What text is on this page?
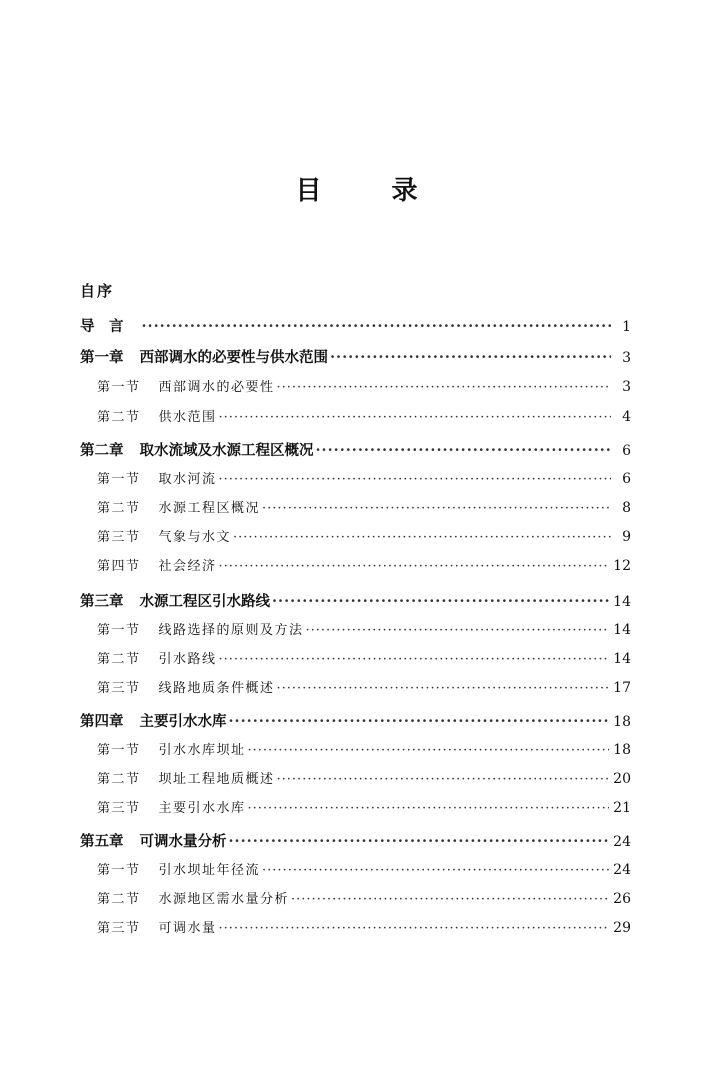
目	录
自序
导　言 ·····	1
第一章 西部调水的必要性与供水范围 ·····	3
第一节 西部调水的必要性 ·····	3
第二节 供水范围 ·····	4
第二章 取水流域及水源工程区概况 ·····	6
第一节 取水河流 ·····	6
第二节 水源工程区概况 ·····	8
第三节 气象与水文 ·····	9
第四节 社会经济 ·····	12
第三章 水源工程区引水路线 ·····	14
第一节 线路选择的原则及方法 ·····	14
第二节 引水路线 ·····	14
第三节 线路地质条件概述 ·····	17
第四章 主要引水水库 ·····	18
第一节 引水水库坝址 ·····	18
第二节 坝址工程地质概述 ·····	20
第三节 主要引水水库 ·····	21
第五章 可调水量分析 ·····	24
第一节 引水坝址年径流 ·····	24
第二节 水源地区需水量分析 ·····	26
第三节 可调水量 ·····	29
